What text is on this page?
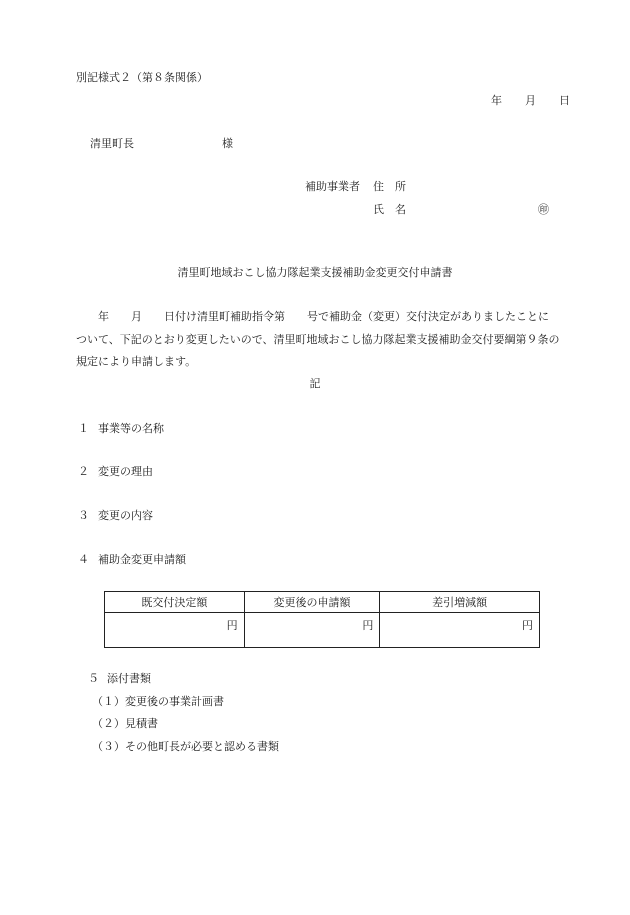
別記様式２（第８条関係）
年 月 日
清里町長	様
補助事業者 住　所
氏　名	㊞
清里町地域おこし協力隊起業支援補助金変更交付申請書
　　年　　月　　日付け清里町補助指令第　　号で補助金（変更）交付決定がありましたことに
ついて、下記のとおり変更したいので、清里町地域おこし協力隊起業支援補助金交付要綱第９条の
規定により申請します。
記
１ 事業等の名称
２ 変更の理由
３ 変更の内容
４ 補助金変更申請額
既交付決定額	変更後の申請額	差引増減額
円	円	円
５ 添付書類
（１）変更後の事業計画書
（２）見積書
（３）その他町長が必要と認める書類
